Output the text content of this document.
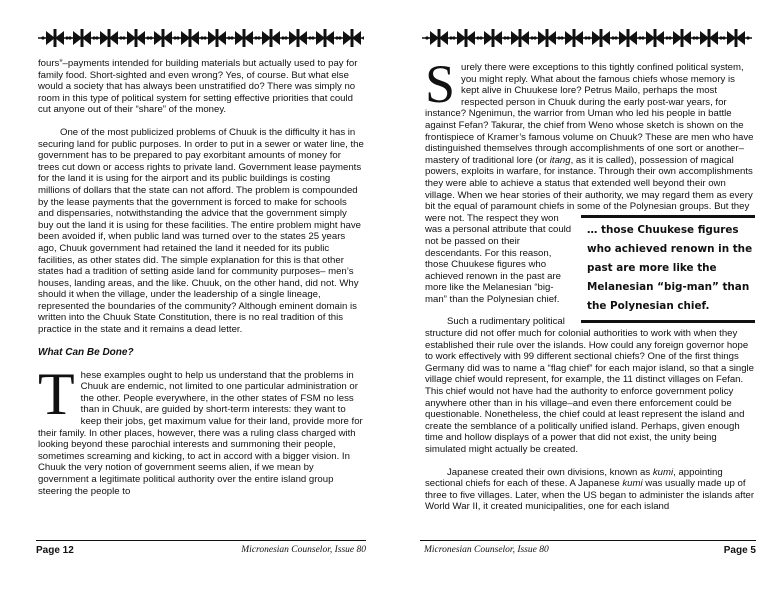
fours”–payments intended for building materials but actually used to pay for family food. Short-sighted and even wrong? Yes, of course. But what else would a society that has always been unstratified do? There was simply no room in this type of political system for setting effective priorities that could cut anyone out of their “share” of the money.

One of the most publicized problems of Chuuk is the difficulty it has in securing land for public purposes. In order to put in a sewer or water line, the government has to be prepared to pay exorbitant amounts of money for trees cut down or access rights to private land. Government lease payments for the land it is using for the airport and its public buildings is costing millions of dollars that the state can not afford. The problem is compounded by the lease payments that the government is forced to make for schools and dispensaries, notwithstanding the advice that the government simply buy out the land it is using for these facilities. The entire problem might have been avoided if, when public land was turned over to the states 25 years ago, Chuuk government had retained the land it needed for its public facilities, as other states did. The simple explanation for this is that other states had a tradition of setting aside land for community purposes– men’s houses, landing areas, and the like. Chuuk, on the other hand, did not. Why should it when the village, under the leadership of a single lineage, represented the boundaries of the community? Although eminent domain is written into the Chuuk State Constitution, there is no real tradition of this practice in the state and it remains a dead letter.

What Can Be Done?

These examples ought to help us understand that the problems in Chuuk are endemic, not limited to one particular administration or the other. People everywhere, in the other states of FSM no less than in Chuuk, are guided by short-term interests: they want to keep their jobs, get maximum value for their land, provide more for their family. In other places, however, there was a ruling class charged with looking beyond these parochial interests and summoning their people, sometimes screaming and kicking, to act in accord with a bigger vision. In Chuuk the very notion of government seems alien, if we mean by government a legitimate political authority over the entire island group steering the people to

Page 12	Micronesian Counselor, Issue 80

Surely there were exceptions to this tightly confined political system, you might reply. What about the famous chiefs whose memory is kept alive in Chuukese lore? Petrus Mailo, perhaps the most respected person in Chuuk during the early post-war years, for instance? Ngenimun, the warrior from Uman who led his people in battle against Fefan? Takurar, the chief from Weno whose sketch is shown on the frontispiece of Kramer’s famous volume on Chuuk? These are men who have distinguished themselves through accomplishments of one sort or another–mastery of traditional lore (or itang, as it is called), possession of magical powers, exploits in warfare, for instance. Through their own accomplishments they were able to achieve a status that extended well beyond their own village. When we hear stories of their authority, we may regard them as every bit the equal of paramount chiefs in some of the Polynesian groups.
… those Chuukese figures who achieved renown in the past are more like the Melanesian “big-man” than the Polynesian chief.
But they were not. The respect they won was a personal attribute that could not be passed on their descendants. For this reason, those Chuukese figures who achieved renown in the past are more like the Melanesian “big-man” than the Polynesian chief.

Such a rudimentary political structure did not offer much for colonial authorities to work with when they established their rule over the islands. How could any foreign governor hope to work effectively with 99 different sectional chiefs? One of the first things Germany did was to name a “flag chief” for each major island, so that a single village chief would represent, for example, the 11 distinct villages on Fefan. This chief would not have had the authority to enforce government policy anywhere other than in his village–and even there enforcement could be questionable. Nonetheless, the chief could at least represent the island and create the semblance of a politically unified island. Perhaps, given enough time and hollow displays of a power that did not exist, the unity being simulated might actually be created.

Japanese created their own divisions, known as kumi, appointing sectional chiefs for each of these. A Japanese kumi was usually made up of three to five villages. Later, when the US began to administer the islands after World War II, it created municipalities, one for each island

Micronesian Counselor, Issue 80	Page 5
